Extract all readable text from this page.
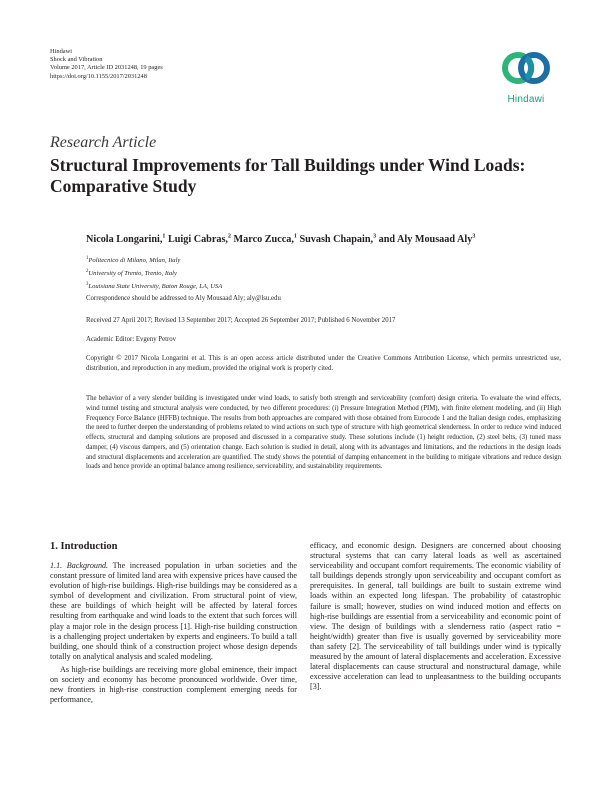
Hindawi
Shock and Vibration
Volume 2017, Article ID 2031248, 19 pages
https://doi.org/10.1155/2017/2031248
Hindawi
Research Article
Structural Improvements for Tall Buildings under Wind Loads: Comparative Study
Nicola Longarini,$^1$ Luigi Cabras,$^2$ Marco Zucca,$^1$ Suvash Chapain,$^3$ and Aly Mousaad Aly$^3$
$^1$Politecnico di Milano, Milan, Italy
$^2$University of Trento, Trento, Italy
$^3$Louisiana State University, Baton Rouge, LA, USA
Correspondence should be addressed to Aly Mousaad Aly; aly@lsu.edu
Received 27 April 2017; Revised 13 September 2017; Accepted 26 September 2017; Published 6 November 2017
Academic Editor: Evgeny Petrov
Copyright © 2017 Nicola Longarini et al. This is an open access article distributed under the Creative Commons Attribution License, which permits unrestricted use, distribution, and reproduction in any medium, provided the original work is properly cited.
The behavior of a very slender building is investigated under wind loads, to satisfy both strength and serviceability (comfort) design criteria. To evaluate the wind effects, wind tunnel testing and structural analysis were conducted, by two different procedures: (i) Pressure Integration Method (PIM), with finite element modeling, and (ii) High Frequency Force Balance (HFFB) technique. The results from both approaches are compared with those obtained from Eurocode 1 and the Italian design codes, emphasizing the need to further deepen the understanding of problems related to wind actions on such type of structure with high geometrical slenderness. In order to reduce wind induced effects, structural and damping solutions are proposed and discussed in a comparative study. These solutions include (1) height reduction, (2) steel belts, (3) tuned mass damper, (4) viscous dampers, and (5) orientation change. Each solution is studied in detail, along with its advantages and limitations, and the reductions in the design loads and structural displacements and acceleration are quantified. The study shows the potential of damping enhancement in the building to mitigate vibrations and reduce design loads and hence provide an optimal balance among resilience, serviceability, and sustainability requirements.
1. Introduction

1.1. Background. The increased population in urban societies and the constant pressure of limited land area with expensive prices have caused the evolution of high-rise buildings. High-rise buildings may be considered as a symbol of development and civilization. From structural point of view, these are buildings of which height will be affected by lateral forces resulting from earthquake and wind loads to the extent that such forces will play a major role in the design process [1]. High-rise building construction is a challenging project undertaken by experts and engineers. To build a tall building, one should think of a construction project whose design depends totally on analytical analysis and scaled modeling.

As high-rise buildings are receiving more global eminence, their impact on society and economy has become pronounced worldwide. Over time, new frontiers in high-rise construction complement emerging needs for performance,

efficacy, and economic design. Designers are concerned about choosing structural systems that can carry lateral loads as well as ascertained serviceability and occupant comfort requirements. The economic viability of tall buildings depends strongly upon serviceability and occupant comfort as prerequisites. In general, tall buildings are built to sustain extreme wind loads within an expected long lifespan. The probability of catastrophic failure is small; however, studies on wind induced motion and effects on high-rise buildings are essential from a serviceability and economic point of view. The design of buildings with a slenderness ratio (aspect ratio = height/width) greater than five is usually governed by serviceability more than safety [2]. The serviceability of tall buildings under wind is typically measured by the amount of lateral displacements and acceleration. Excessive lateral displacements can cause structural and nonstructural damage, while excessive acceleration can lead to unpleasantness to the building occupants [3].
